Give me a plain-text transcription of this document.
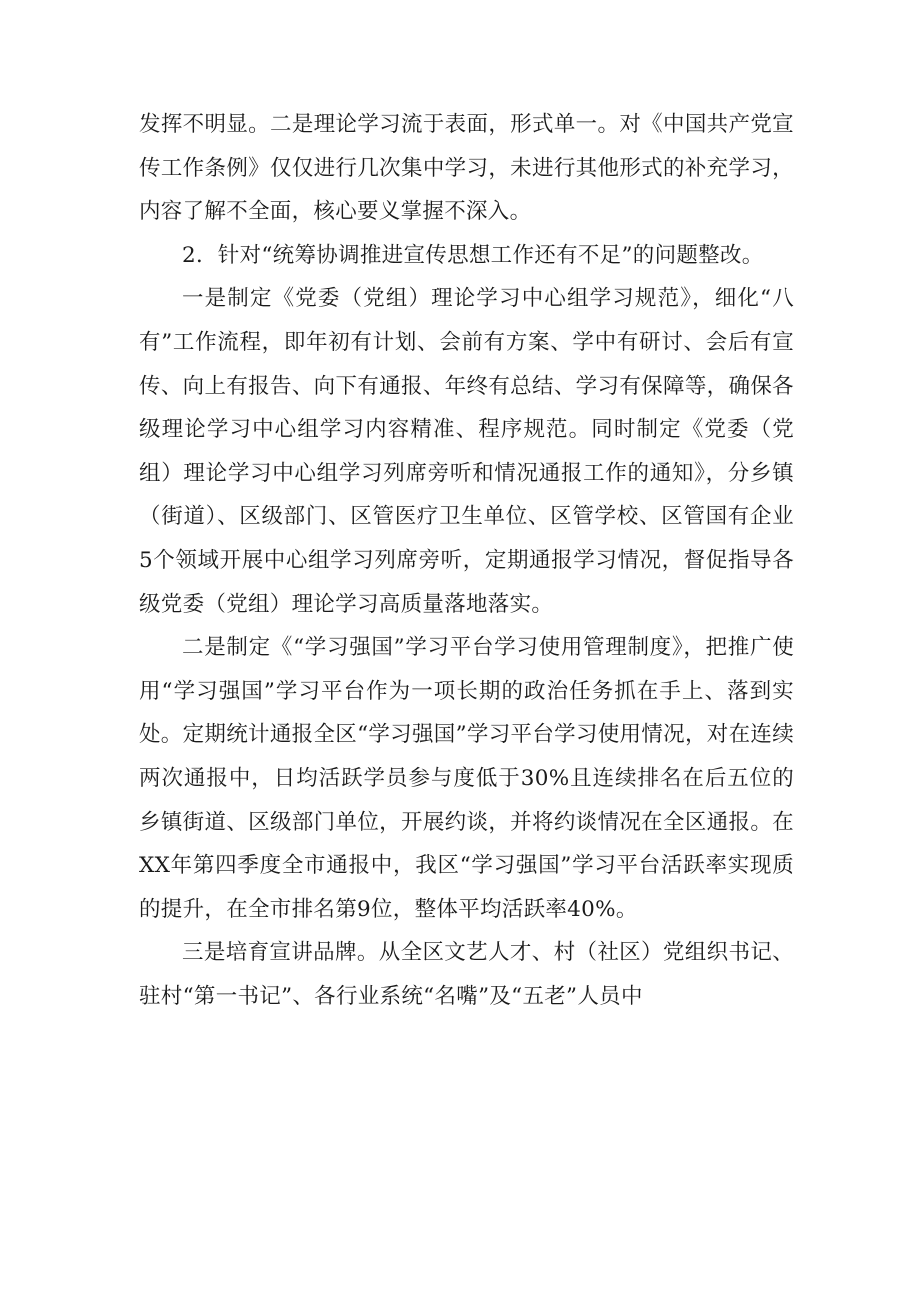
发挥不明显。二是理论学习流于表面，形式单一。对《中国共产党宣传工作条例》仅仅进行几次集中学习，未进行其他形式的补充学习，内容了解不全面，核心要义掌握不深入。

2．针对“统筹协调推进宣传思想工作还有不足”的问题整改。

一是制定《党委（党组）理论学习中心组学习规范》，细化“八有”工作流程，即年初有计划、会前有方案、学中有研讨、会后有宣传、向上有报告、向下有通报、年终有总结、学习有保障等，确保各级理论学习中心组学习内容精准、程序规范。同时制定《党委（党组）理论学习中心组学习列席旁听和情况通报工作的通知》，分乡镇（街道）、区级部门、区管医疗卫生单位、区管学校、区管国有企业5个领域开展中心组学习列席旁听，定期通报学习情况，督促指导各级党委（党组）理论学习高质量落地落实。

二是制定《“学习强国”学习平台学习使用管理制度》，把推广使用“学习强国”学习平台作为一项长期的政治任务抓在手上、落到实处。定期统计通报全区“学习强国”学习平台学习使用情况，对在连续两次通报中，日均活跃学员参与度低于30%且连续排名在后五位的乡镇街道、区级部门单位，开展约谈，并将约谈情况在全区通报。在XX年第四季度全市通报中，我区“学习强国”学习平台活跃率实现质的提升，在全市排名第9位，整体平均活跃率40%。

三是培育宣讲品牌。从全区文艺人才、村（社区）党组织书记、驻村“第一书记”、各行业系统“名嘴”及“五老”人员中
